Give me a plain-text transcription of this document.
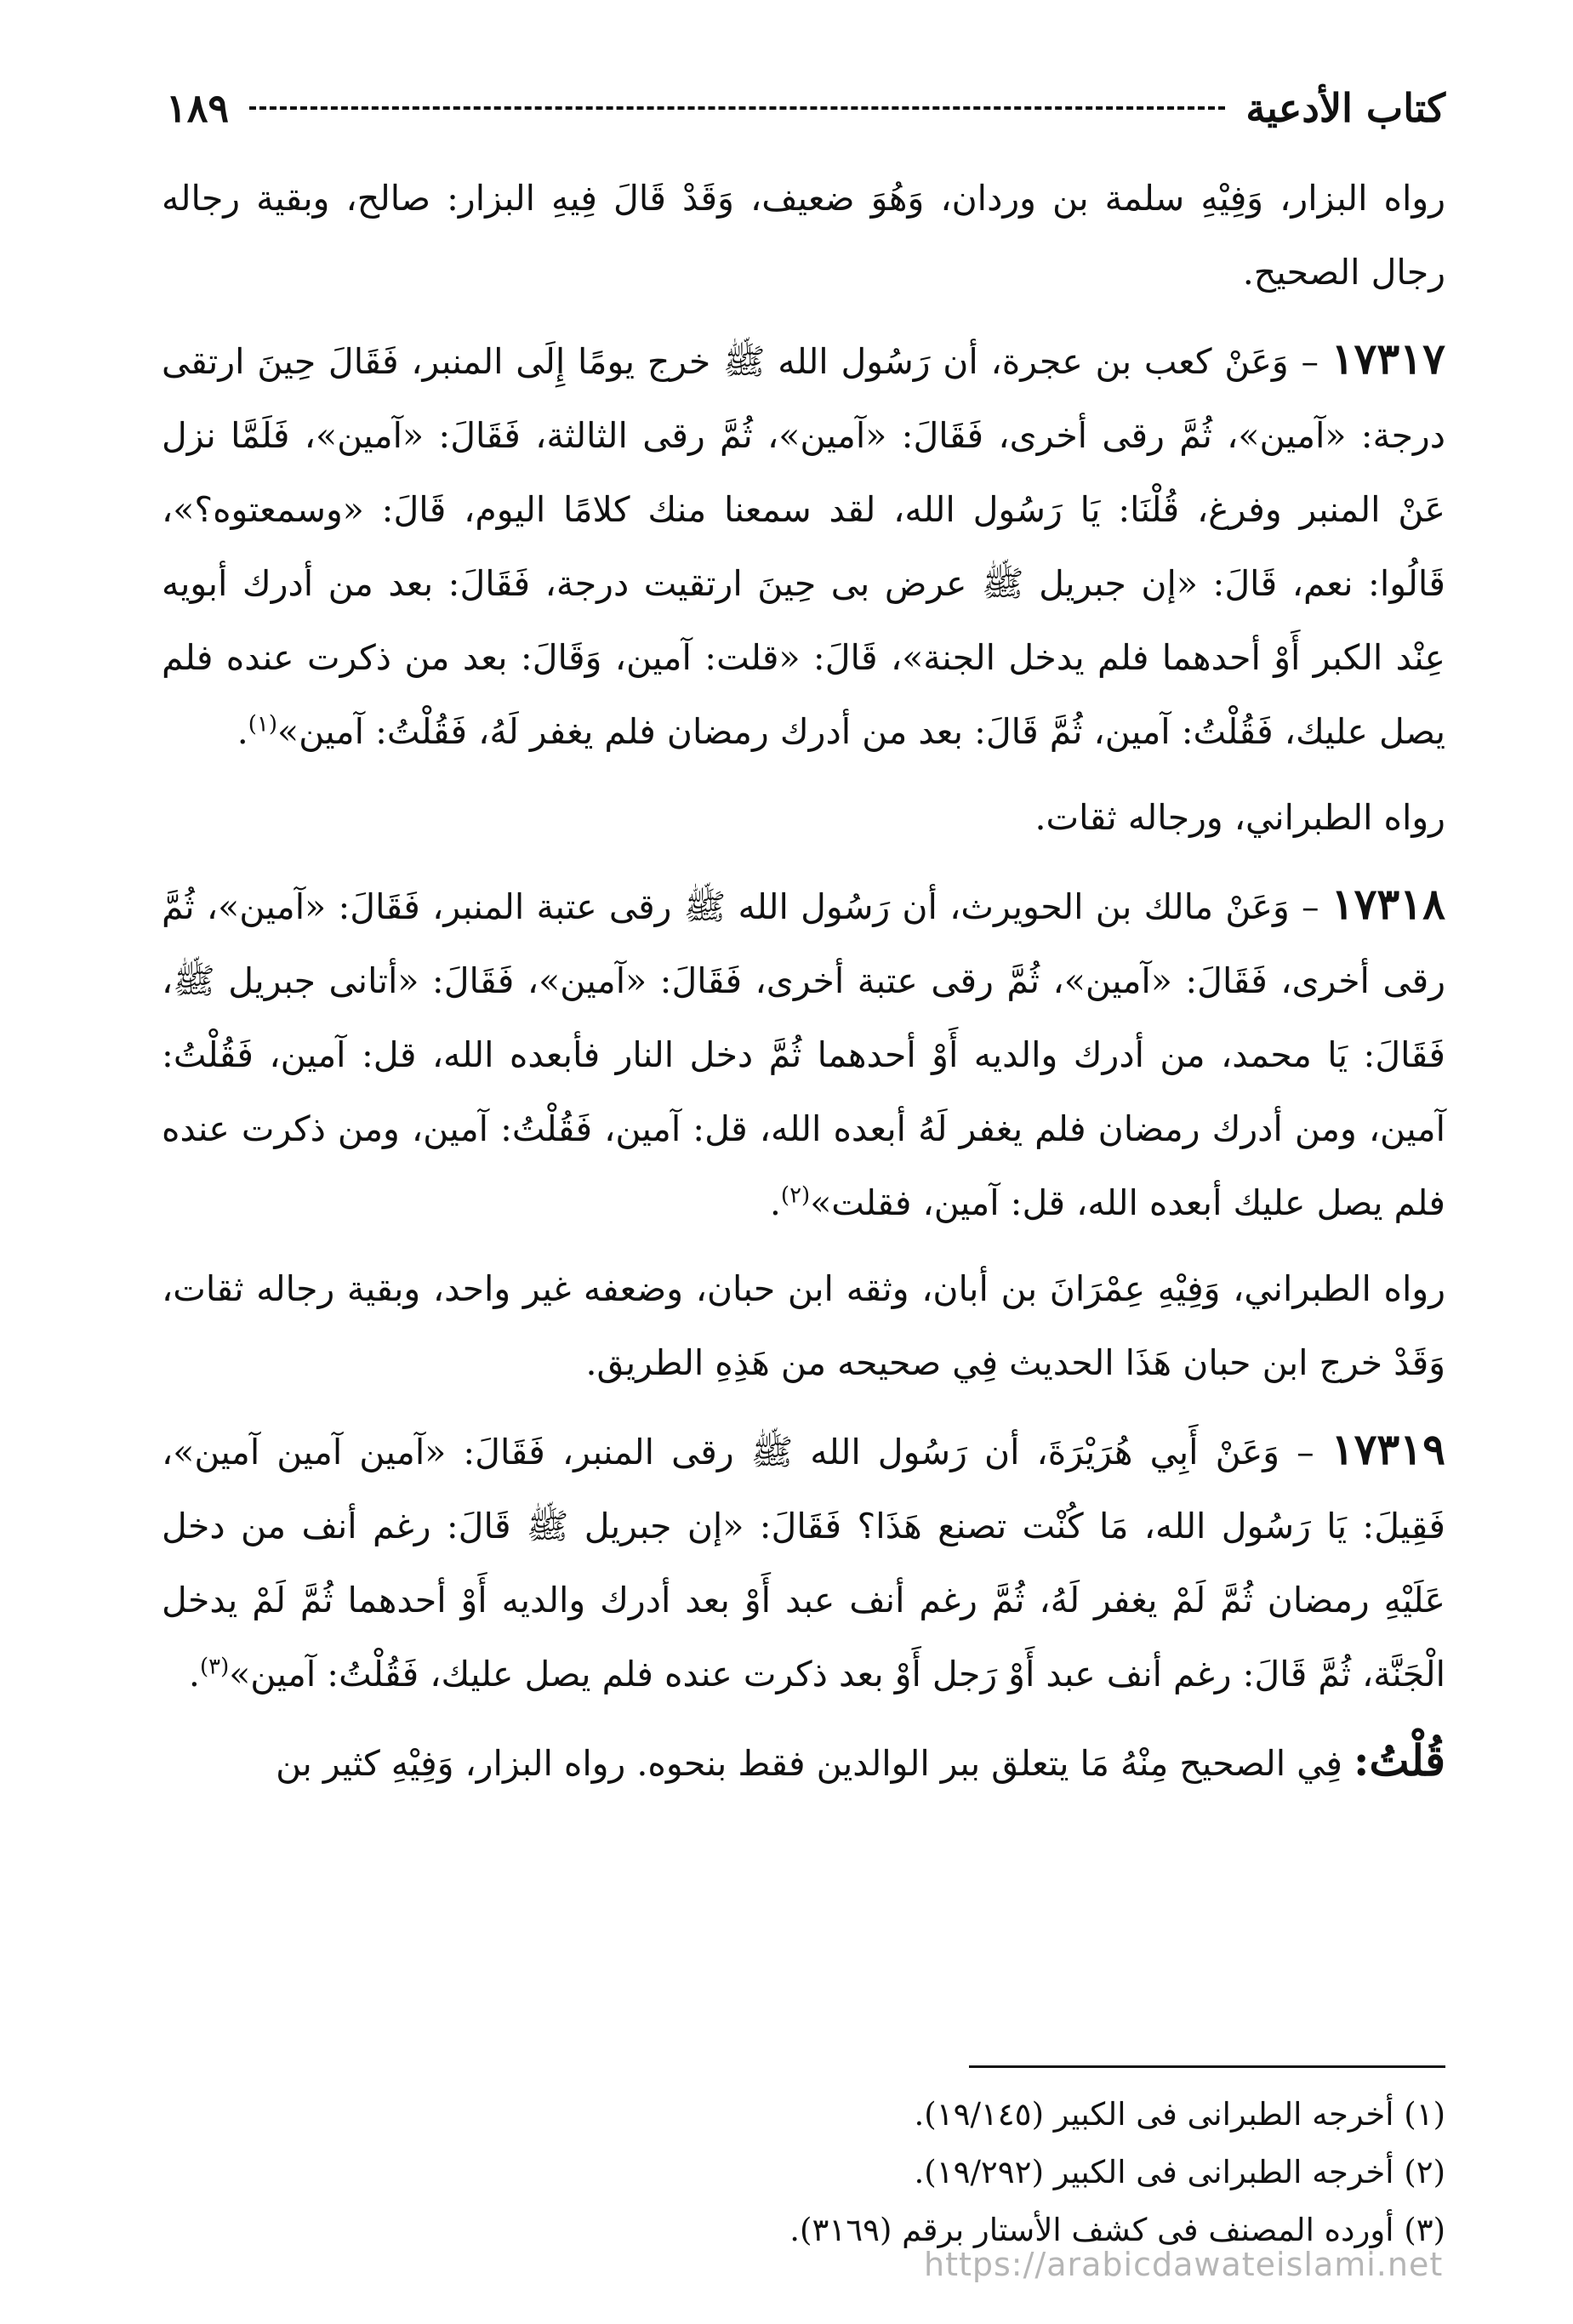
كتاب الأدعية
١٨٩

رواه البزار، وَفِيْهِ سلمة بن وردان، وَهُوَ ضعيف، وَقَدْ قَالَ فِيهِ البزار: صالح، وبقية رجاله رجال الصحيح.

١٧٣١٧ – وَعَنْ كعب بن عجرة، أن رَسُول الله ﷺ خرج يومًا إِلَى المنبر، فَقَالَ حِينَ ارتقى درجة: «آمين»، ثُمَّ رقى أخرى، فَقَالَ: «آمين»، ثُمَّ رقى الثالثة، فَقَالَ: «آمين»، فَلَمَّا نزل عَنْ المنبر وفرغ، قُلْنَا: يَا رَسُول الله، لقد سمعنا منك كلامًا اليوم، قَالَ: «وسمعتوه؟»، قَالُوا: نعم، قَالَ: «إن جبريل ﷺ عرض بى حِينَ ارتقيت درجة، فَقَالَ: بعد من أدرك أبويه عِنْد الكبر أَوْ أحدهما فلم يدخل الجنة»، قَالَ: «قلت: آمين، وَقَالَ: بعد من ذكرت عنده فلم يصل عليك، فَقُلْتُ: آمين، ثُمَّ قَالَ: بعد من أدرك رمضان فلم يغفر لَهُ، فَقُلْتُ: آمين»$^{(١)}$.

رواه الطبراني، ورجاله ثقات.

١٧٣١٨ – وَعَنْ مالك بن الحويرث، أن رَسُول الله ﷺ رقى عتبة المنبر، فَقَالَ: «آمين»، ثُمَّ رقى أخرى، فَقَالَ: «آمين»، ثُمَّ رقى عتبة أخرى، فَقَالَ: «آمين»، فَقَالَ: «أتانى جبريل ﷺ، فَقَالَ: يَا محمد، من أدرك والديه أَوْ أحدهما ثُمَّ دخل النار فأبعده الله، قل: آمين، فَقُلْتُ: آمين، ومن أدرك رمضان فلم يغفر لَهُ أبعده الله، قل: آمين، فَقُلْتُ: آمين، ومن ذكرت عنده فلم يصل عليك أبعده الله، قل: آمين، فقلت»$^{(٢)}$.

رواه الطبراني، وَفِيْهِ عِمْرَانَ بن أبان، وثقه ابن حبان، وضعفه غير واحد، وبقية رجاله ثقات، وَقَدْ خرج ابن حبان هَذَا الحديث فِي صحيحه من هَذِهِ الطريق.

١٧٣١٩ – وَعَنْ أَبِي هُرَيْرَةَ، أن رَسُول الله ﷺ رقى المنبر، فَقَالَ: «آمين آمين آمين»، فَقِيلَ: يَا رَسُول الله، مَا كُنْت تصنع هَذَا؟ فَقَالَ: «إن جبريل ﷺ قَالَ: رغم أنف من دخل عَلَيْهِ رمضان ثُمَّ لَمْ يغفر لَهُ، ثُمَّ رغم أنف عبد أَوْ بعد أدرك والديه أَوْ أحدهما ثُمَّ لَمْ يدخل الْجَنَّة، ثُمَّ قَالَ: رغم أنف عبد أَوْ رَجل أَوْ بعد ذكرت عنده فلم يصل عليك، فَقُلْتُ: آمين»$^{(٣)}$.

قُلْتُ: فِي الصحيح مِنْهُ مَا يتعلق ببر الوالدين فقط بنحوه. رواه البزار، وَفِيْهِ كثير بن

(١) أخرجه الطبرانى فى الكبير (١٩/١٤٥).
(٢) أخرجه الطبرانى فى الكبير (١٩/٢٩٢).
(٣) أورده المصنف فى كشف الأستار برقم (٣١٦٩).
https://arabicdawateislami.net
